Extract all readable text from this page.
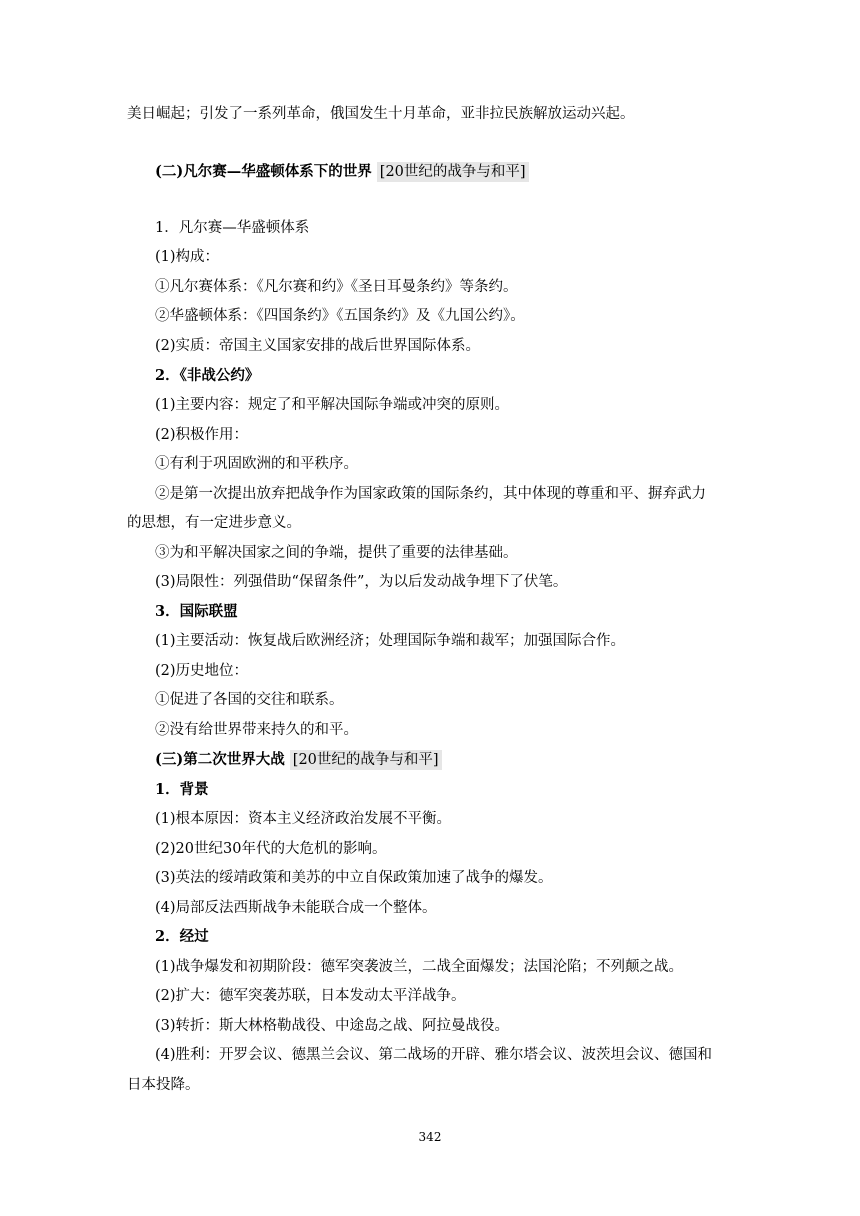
美日崛起；引发了一系列革命，俄国发生十月革命，亚非拉民族解放运动兴起。
(二)凡尔赛—华盛顿体系下的世界 [20世纪的战争与和平]
1．凡尔赛—华盛顿体系
(1)构成：
①凡尔赛体系：《凡尔赛和约》《圣日耳曼条约》等条约。
②华盛顿体系：《四国条约》《五国条约》及《九国公约》。
(2)实质：帝国主义国家安排的战后世界国际体系。
2．《非战公约》
(1)主要内容：规定了和平解决国际争端或冲突的原则。
(2)积极作用：
①有利于巩固欧洲的和平秩序。
②是第一次提出放弃把战争作为国家政策的国际条约，其中体现的尊重和平、摒弃武力
的思想，有一定进步意义。
③为和平解决国家之间的争端，提供了重要的法律基础。
(3)局限性：列强借助“保留条件”，为以后发动战争埋下了伏笔。
3．国际联盟
(1)主要活动：恢复战后欧洲经济；处理国际争端和裁军；加强国际合作。
(2)历史地位：
①促进了各国的交往和联系。
②没有给世界带来持久的和平。
(三)第二次世界大战 [20世纪的战争与和平]
1．背景
(1)根本原因：资本主义经济政治发展不平衡。
(2)20世纪30年代的大危机的影响。
(3)英法的绥靖政策和美苏的中立自保政策加速了战争的爆发。
(4)局部反法西斯战争未能联合成一个整体。
2．经过
(1)战争爆发和初期阶段：德军突袭波兰，二战全面爆发；法国沦陷；不列颠之战。
(2)扩大：德军突袭苏联，日本发动太平洋战争。
(3)转折：斯大林格勒战役、中途岛之战、阿拉曼战役。
(4)胜利：开罗会议、德黑兰会议、第二战场的开辟、雅尔塔会议、波茨坦会议、德国和
日本投降。
342
